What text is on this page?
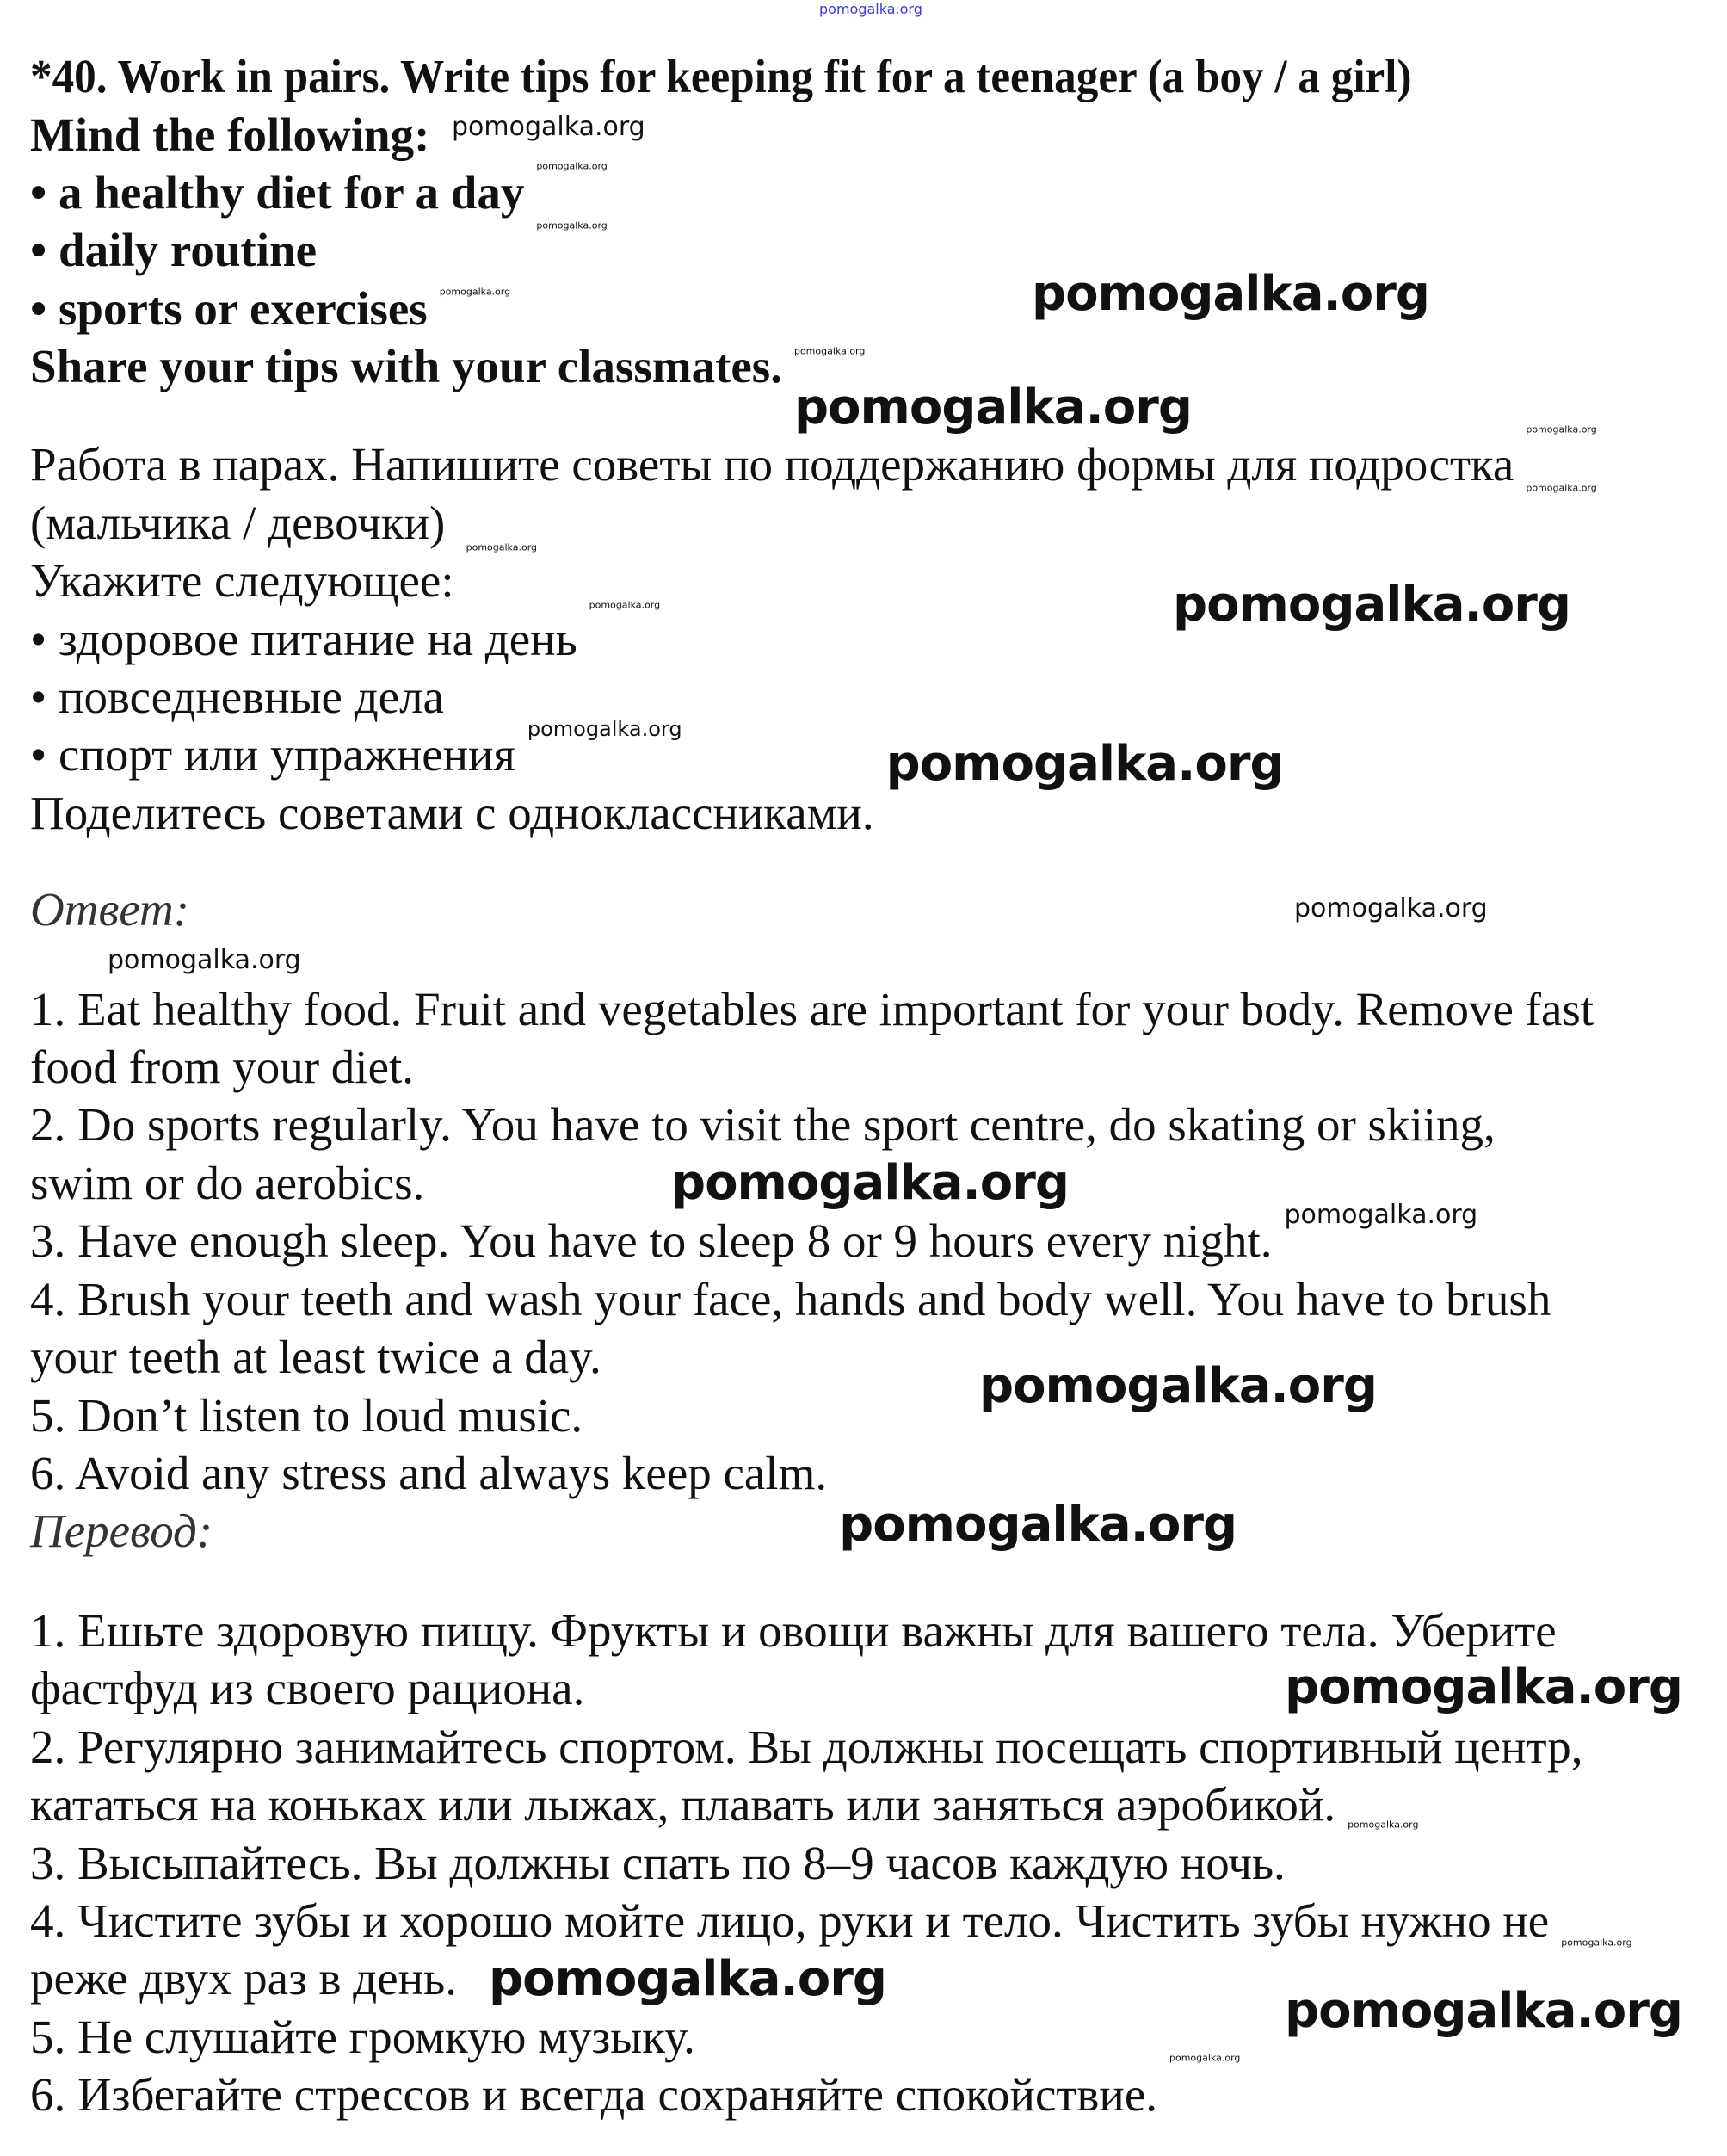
*40. Work in pairs. Write tips for keeping fit for a teenager (a boy / a girl)
Mind the following:
• a healthy diet for a day
• daily routine
• sports or exercises
Share your tips with your classmates.
Работа в парах. Напишите советы по поддержанию формы для подростка
(мальчика / девочки)
Укажите следующее:
• здоровое питание на день
• повседневные дела
• спорт или упражнения
Поделитесь советами с одноклассниками.
Ответ:
1. Eat healthy food. Fruit and vegetables are important for your body. Remove fast
food from your diet.
2. Do sports regularly. You have to visit the sport centre, do skating or skiing,
swim or do aerobics.
3. Have enough sleep. You have to sleep 8 or 9 hours every night.
4. Brush your teeth and wash your face, hands and body well. You have to brush
your teeth at least twice a day.
5. Don’t listen to loud music.
6. Avoid any stress and always keep calm.
Перевод:
1. Ешьте здоровую пищу. Фрукты и овощи важны для вашего тела. Уберите
фастфуд из своего рациона.
2. Регулярно занимайтесь спортом. Вы должны посещать спортивный центр,
кататься на коньках или лыжах, плавать или заняться аэробикой.
3. Высыпайтесь. Вы должны спать по 8–9 часов каждую ночь.
4. Чистите зубы и хорошо мойте лицо, руки и тело. Чистить зубы нужно не
реже двух раз в день.
5. Не слушайте громкую музыку.
6. Избегайте стрессов и всегда сохраняйте спокойствие.
pomogalka.org
pomogalka.org
pomogalka.org
pomogalka.org
pomogalka.org
pomogalka.org
pomogalka.org
pomogalka.org
pomogalka.org
pomogalka.org
pomogalka.org
pomogalka.org
pomogalka.org
pomogalka.org
pomogalka.org
pomogalka.org
pomogalka.org
pomogalka.org
pomogalka.org
pomogalka.org
pomogalka.org
pomogalka.org
pomogalka.org
pomogalka.org
pomogalka.org
pomogalka.org
pomogalka.org
